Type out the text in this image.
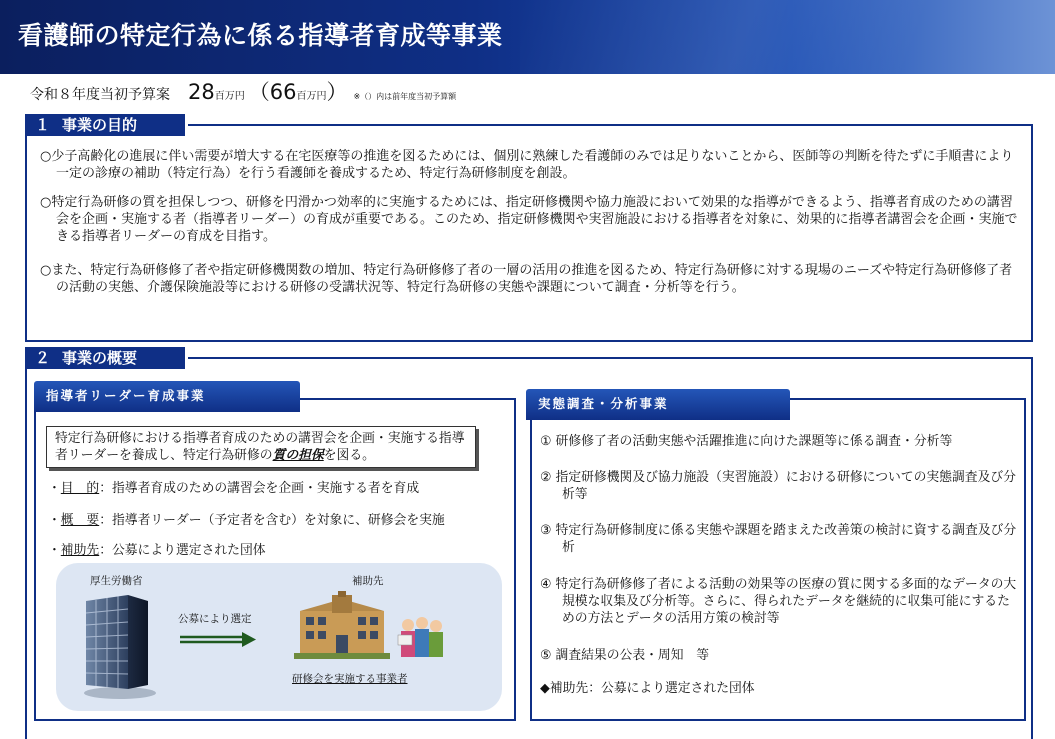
看護師の特定行為に係る指導者育成等事業
令和８年度当初予算案 28百万円 （66百万円） ※（）内は前年度当初予算額
１ 事業の目的
○少子高齢化の進展に伴い需要が増大する在宅医療等の推進を図るためには、個別に熟練した看護師のみでは足りないことから、医師等の判断を待たずに手順書により一定の診療の補助（特定行為）を行う看護師を養成するため、特定行為研修制度を創設。
○特定行為研修の質を担保しつつ、研修を円滑かつ効率的に実施するためには、指定研修機関や協力施設において効果的な指導ができるよう、指導者育成のための講習会を企画・実施する者（指導者リーダー）の育成が重要である。このため、指定研修機関や実習施設における指導者を対象に、効果的に指導者講習会を企画・実施できる指導者リーダーの育成を目指す。
○また、特定行為研修修了者や指定研修機関数の増加、特定行為研修修了者の一層の活用の推進を図るため、特定行為研修に対する現場のニーズや特定行為研修修了者の活動の実態、介護保険施設等における研修の受講状況等、特定行為研修の実態や課題について調査・分析等を行う。
２ 事業の概要
指導者リーダー育成事業
特定行為研修における指導者育成のための講習会を企画・実施する指導者リーダーを養成し、特定行為研修の質の担保を図る。
・目　的：指導者育成のための講習会を企画・実施する者を育成
・概　要：指導者リーダー（予定者を含む）を対象に、研修会を実施
・補助先：公募により選定された団体
厚生労働省	補助先
公募により選定
研修会を実施する事業者
実態調査・分析事業
① 研修修了者の活動実態や活躍推進に向けた課題等に係る調査・分析等
② 指定研修機関及び協力施設（実習施設）における研修についての実態調査及び分析等
③ 特定行為研修制度に係る実態や課題を踏まえた改善策の検討に資する調査及び分析
④ 特定行為研修修了者による活動の効果等の医療の質に関する多面的なデータの大規模な収集及び分析等。さらに、得られたデータを継続的に収集可能にするための方法とデータの活用方策の検討等
⑤ 調査結果の公表・周知　等
◆補助先：公募により選定された団体
